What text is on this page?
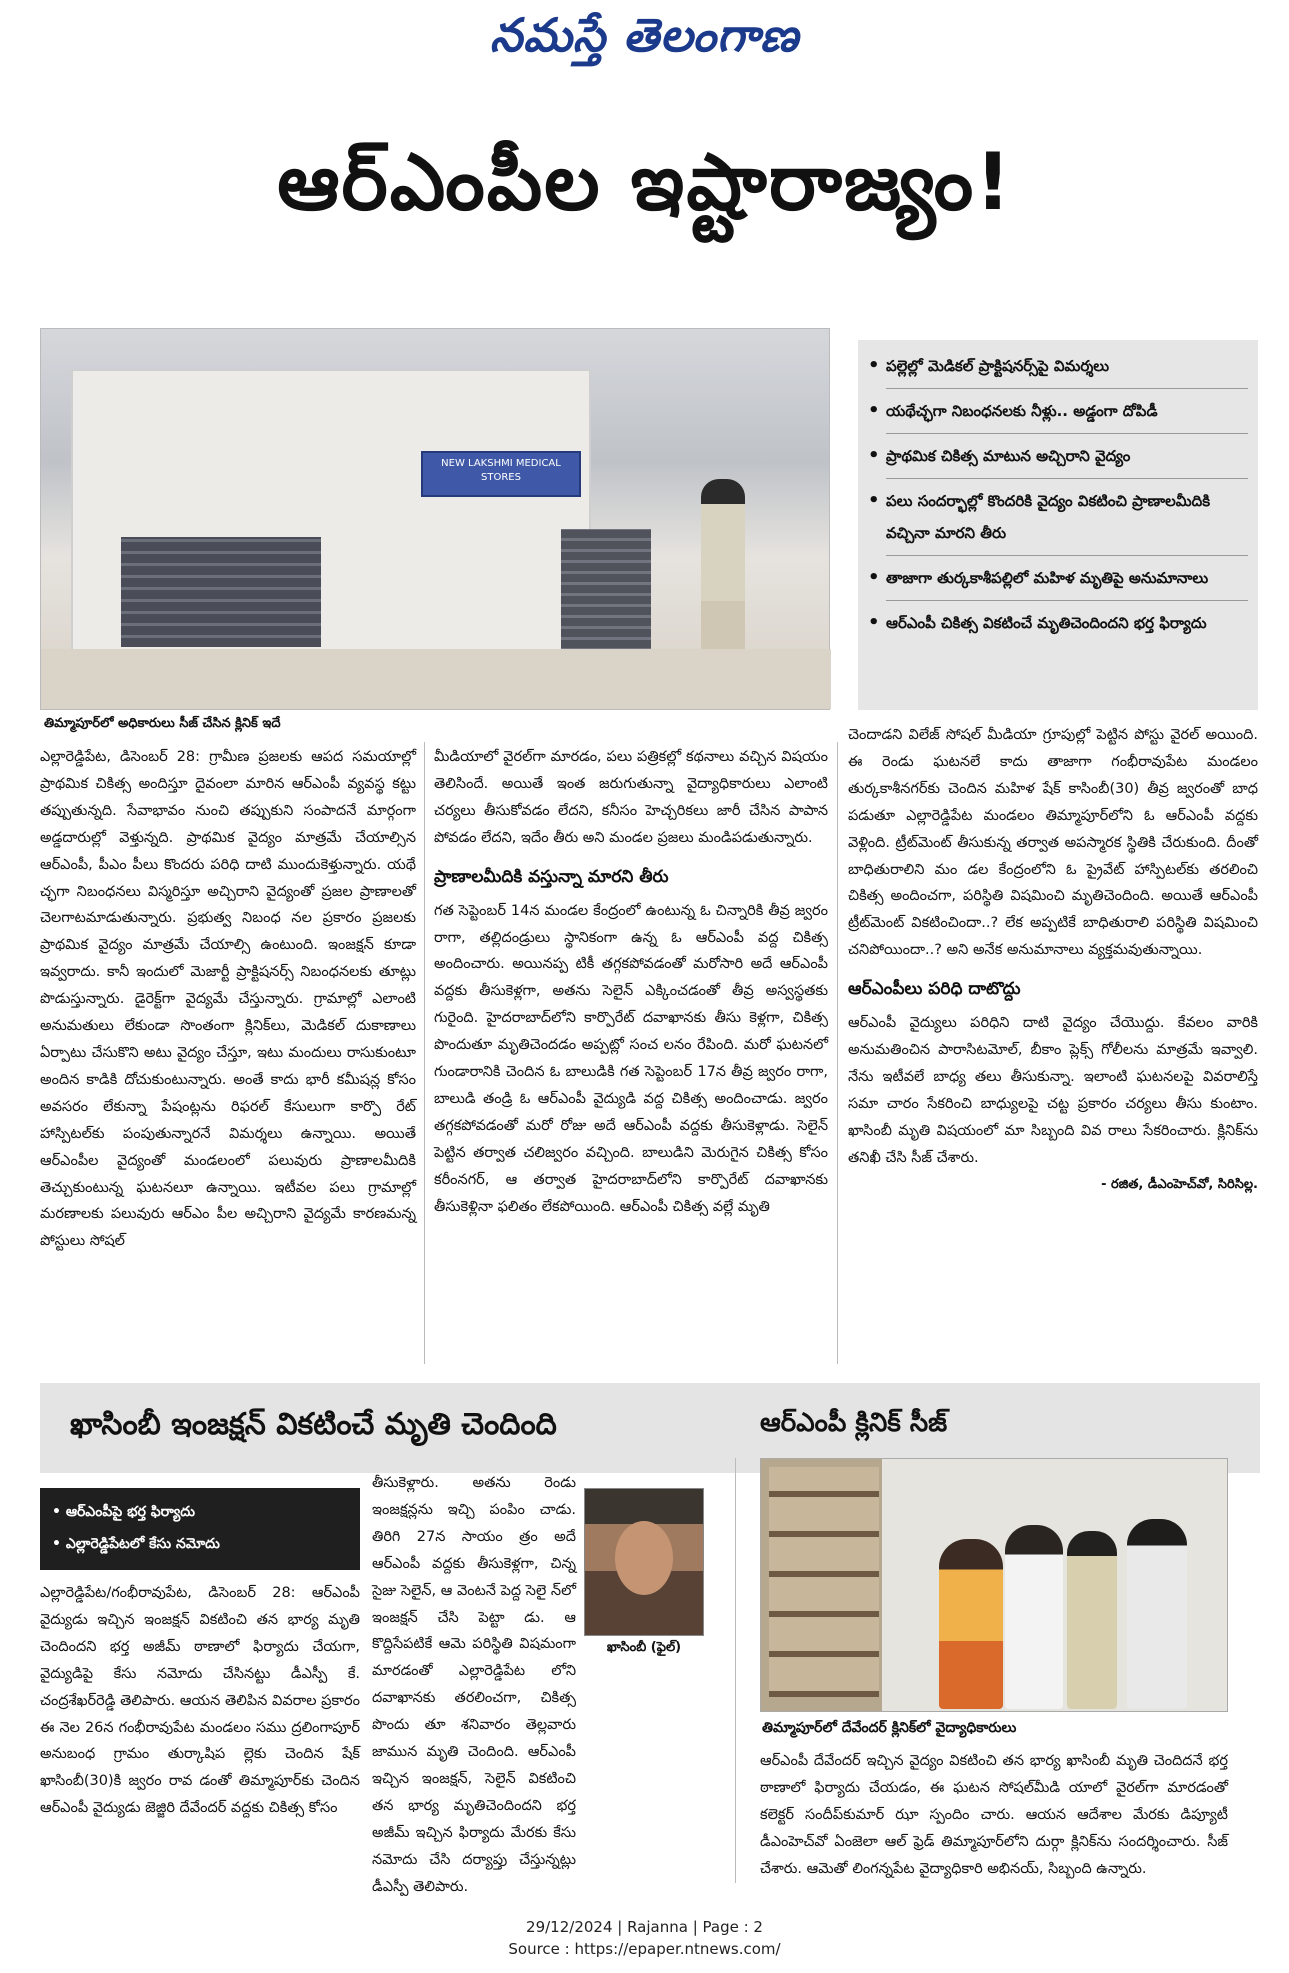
నమస్తే తెలంగాణ
ఆర్‌ఎంపీల ఇష్టారాజ్యం!
NEW LAKSHMI MEDICAL STORES
తిమ్మాపూర్‌లో అధికారులు సీజ్‌ చేసిన క్లినిక్‌ ఇదే
• పల్లెల్లో మెడికల్‌ ప్రాక్టిషనర్స్‌పై విమర్శలు
• యథేచ్ఛగా నిబంధనలకు నీళ్లు.. అడ్డంగా దోపిడీ
• ప్రాథమిక చికిత్స మాటున అచ్చిరాని వైద్యం
• పలు సందర్భాల్లో కొందరికి వైద్యం వికటించి ప్రాణాలమీదికి వచ్చినా మారని తీరు
• తాజాగా తుర్కకాశీపల్లిలో మహిళ మృతిపై అనుమానాలు
• ఆర్‌ఎంపీ చికిత్స వికటించే మృతిచెందిందని భర్త ఫిర్యాదు

ఎల్లారెడ్డిపేట, డిసెంబర్‌ 28: గ్రామీణ ప్రజలకు ఆపద సమయాల్లో ప్రాథమిక చికిత్స అందిస్తూ దైవంలా మారిన ఆర్‌ఎంపీ వ్యవస్థ కట్టు తప్పుతున్నది. సేవాభావం నుంచి తప్పుకుని సంపాదనే మార్గంగా అడ్డదారుల్లో వెళ్తున్నది. ప్రాథమిక వైద్యం మాత్రమే చేయాల్సిన ఆర్‌ఎంపీ, పీఎం పీలు కొందరు పరిధి దాటి ముందుకెళ్తున్నారు. యథే చ్ఛగా నిబంధనలు విస్మరిస్తూ అచ్చిరాని వైద్యంతో ప్రజల ప్రాణాలతో చెలగాటమాడుతున్నారు. ప్రభుత్వ నిబంధ నల ప్రకారం ప్రజలకు ప్రాథమిక వైద్యం మాత్రమే చేయాల్సి ఉంటుంది. ఇంజక్షన్‌ కూడా ఇవ్వరాదు. కానీ ఇందులో మెజార్టీ ప్రాక్టిషనర్స్‌ నిబంధనలకు తూట్లు పొడుస్తున్నారు. డైరెక్ట్‌గా వైద్యమే చేస్తున్నారు. గ్రామాల్లో ఎలాంటి అనుమతులు లేకుండా సొంతంగా క్లినిక్‌లు, మెడికల్‌ దుకాణాలు ఏర్పాటు చేసుకొని అటు వైద్యం చేస్తూ, ఇటు మందులు రాసుకుంటూ అందిన కాడికి దోచుకుంటున్నారు. అంతే కాదు భారీ కమీషన్ల కోసం అవసరం లేకున్నా పేషంట్లను రిఫరల్‌ కేసులుగా కార్పొ రేట్‌ హాస్పిటల్‌కు పంపుతున్నారనే విమర్శలు ఉన్నాయి. అయితే ఆర్‌ఎంపీల వైద్యంతో మండలంలో పలువురు ప్రాణాలమీదికి తెచ్చుకుంటున్న ఘటనలూ ఉన్నాయి. ఇటీవల పలు గ్రామాల్లో మరణాలకు పలువురు ఆర్‌ఎం పీల అచ్చిరాని వైద్యమే కారణమన్న పోస్టులు సోషల్‌

మీడియాలో వైరల్‌గా మారడం, పలు పత్రికల్లో కథనాలు వచ్చిన విషయం తెలిసిందే. అయితే ఇంత జరుగుతున్నా వైద్యాధికారులు ఎలాంటి చర్యలు తీసుకోవడం లేదని, కనీసం హెచ్చరికలు జారీ చేసిన పాపాన పోవడం లేదని, ఇదేం తీరు అని మండల ప్రజలు మండిపడుతున్నారు.

ప్రాణాలమీదికి వస్తున్నా మారని తీరు

గత సెప్టెంబర్‌ 14న మండల కేంద్రంలో ఉంటున్న ఓ చిన్నారికి తీవ్ర జ్వరం రాగా, తల్లిదండ్రులు స్థానికంగా ఉన్న ఓ ఆర్‌ఎంపీ వద్ద చికిత్స అందించారు. అయినప్ప టికీ తగ్గకపోవడంతో మరోసారి అదే ఆర్‌ఎంపీ వద్దకు తీసుకెళ్లగా, అతను సెలైన్‌ ఎక్కించడంతో తీవ్ర అస్వస్థతకు గురైంది. హైదరాబాద్‌లోని కార్పొరేట్‌ దవాఖానకు తీసు కెళ్లగా, చికిత్స పొందుతూ మృతిచెందడం అప్పట్లో సంచ లనం రేపింది. మరో ఘటనలో గుండారానికి చెందిన ఓ బాలుడికి గత సెప్టెంబర్‌ 17న తీవ్ర జ్వరం రాగా, బాలుడి తండ్రి ఓ ఆర్‌ఎంపీ వైద్యుడి వద్ద చికిత్స అందించాడు. జ్వరం తగ్గకపోవడంతో మరో రోజు అదే ఆర్‌ఎంపీ వద్దకు తీసుకెళ్లాడు. సెలైన్‌ పెట్టిన తర్వాత చలిజ్వరం వచ్చింది. బాలుడిని మెరుగైన చికిత్స కోసం కరీంనగర్‌, ఆ తర్వాత హైదరాబాద్‌లోని కార్పొరేట్‌ దవాఖానకు తీసుకెళ్లినా ఫలితం లేకపోయింది. ఆర్‌ఎంపీ చికిత్స వల్లే మృతి

చెందాడని విలేజ్‌ సోషల్‌ మీడియా గ్రూపుల్లో పెట్టిన పోస్టు వైరల్‌ అయింది. ఈ రెండు ఘటనలే కాదు తాజాగా గంభీరావుపేట మండలం తుర్కకాశీనగర్‌కు చెందిన మహిళ షేక్‌ కాసింబీ(30) తీవ్ర జ్వరంతో బాధ పడుతూ ఎల్లారెడ్డిపేట మండలం తిమ్మాపూర్‌లోని ఓ ఆర్‌ఎంపీ వద్దకు వెళ్లింది. ట్రీట్‌మెంట్‌ తీసుకున్న తర్వాత అపస్మారక స్థితికి చేరుకుంది. దీంతో బాధితురాలిని మం డల కేంద్రంలోని ఓ ప్రైవేట్‌ హాస్పిటల్‌కు తరలించి చికిత్స అందించగా, పరిస్థితి విషమించి మృతిచెందింది. అయితే ఆర్‌ఎంపీ ట్రీట్‌మెంట్‌ వికటించిందా..? లేక అప్పటికే బాధితురాలి పరిస్థితి విషమించి చనిపోయిందా..? అని అనేక అనుమానాలు వ్యక్తమవుతున్నాయి.

ఆర్‌ఎంపీలు పరిధి దాటొద్దు

ఆర్‌ఎంపీ వైద్యులు పరిధిని దాటి వైద్యం చేయొద్దు. కేవలం వారికి అనుమతించిన పారాసిటమోల్‌, బీకాం ప్లెక్స్‌ గోలీలను మాత్రమే ఇవ్వాలి. నేను ఇటీవలే బాధ్య తలు తీసుకున్నా. ఇలాంటి ఘటనలపై వివరాలిస్తే సమా చారం సేకరించి బాధ్యులపై చట్ట ప్రకారం చర్యలు తీసు కుంటాం. ఖాసింబీ మృతి విషయంలో మా సిబ్బంది వివ రాలు సేకరించారు. క్లినిక్‌ను తనిఖీ చేసి సీజ్‌ చేశారు.

- రజిత, డీఎంహెచ్‌వో, సిరిసిల్ల.
ఖాసింబీ ఇంజక్షన్‌ వికటించే మృతి చెందింది	ఆర్‌ఎంపీ క్లినిక్‌ సీజ్‌
• ఆర్‌ఎంపీపై భర్త ఫిర్యాదు
• ఎల్లారెడ్డిపేటలో కేసు నమోదు

ఎల్లారెడ్డిపేట/గంభీరావుపేట, డిసెంబర్‌ 28: ఆర్‌ఎంపీ వైద్యుడు ఇచ్చిన ఇంజక్షన్‌ వికటించి తన భార్య మృతి చెందిందని భర్త అజీమ్‌ ఠాణాలో ఫిర్యాదు చేయగా, వైద్యుడిపై కేసు నమోదు చేసినట్టు డీఎస్పీ కే. చంద్రశేఖర్‌రెడ్డి తెలిపారు. ఆయన తెలిపిన వివరాల ప్రకారం ఈ నెల 26న గంభీరావుపేట మండలం సము ద్రలింగాపూర్‌ అనుబంధ గ్రామం తుర్కాషిప ల్లెకు చెందిన షేక్‌ ఖాసింబీ(30)కి జ్వరం రావ డంతో తిమ్మాపూర్‌కు చెందిన ఆర్‌ఎంపీ వైద్యుడు జెజ్జిరి దేవేందర్‌ వద్దకు చికిత్స కోసం

తీసుకెళ్లారు. అతను రెండు ఇంజక్షన్లను ఇచ్చి పంపిం చాడు. తిరిగి 27న సాయం త్రం అదే ఆర్‌ఎంపీ వద్దకు తీసుకెళ్లగా, చిన్న సైజు సెలైన్‌, ఆ వెంటనే పెద్ద సెలై న్‌లో ఇంజక్షన్‌ చేసి పెట్టా డు. ఆ కొద్దిసేపటికే ఆమె పరిస్థితి విషమంగా మారడంతో ఎల్లారెడ్డిపేట లోని దవాఖానకు తరలించగా, చికిత్స పొందు తూ శనివారం తెల్లవారు జామున మృతి చెందింది. ఆర్‌ఎంపీ ఇచ్చిన ఇంజక్షన్‌, సెలైన్‌ వికటించి తన భార్య మృతిచెందిందని భర్త అజీమ్‌ ఇచ్చిన ఫిర్యాదు మేరకు కేసు నమోదు చేసి దర్యాప్తు చేస్తున్నట్లు డీఎస్పీ తెలిపారు.

ఖాసింబీ (ఫైల్‌)
తిమ్మాపూర్‌లో దేవేందర్‌ క్లినిక్‌లో వైద్యాధికారులు

ఆర్‌ఎంపీ దేవేందర్‌ ఇచ్చిన వైద్యం వికటించి తన భార్య ఖాసింబీ మృతి చెందిదనే భర్త ఠాణాలో ఫిర్యాదు చేయడం, ఈ ఘటన సోషల్‌మీడి యాలో వైరల్‌గా మారడంతో కలెక్టర్‌ సందీప్‌కుమార్‌ ఝా స్పందిం చారు. ఆయన ఆదేశాల మేరకు డిప్యూటీ డీఎంహెచ్‌వో ఏంజెలా ఆల్‌ ఫ్రెడ్‌ తిమ్మాపూర్‌లోని దుర్గా క్లినిక్‌ను సందర్శించారు. సీజ్‌ చేశారు. ఆమెతో లింగన్నపేట వైద్యాధికారి అభినయ్‌, సిబ్బంది ఉన్నారు.

29/12/2024 | Rajanna | Page : 2
Source : https://epaper.ntnews.com/
